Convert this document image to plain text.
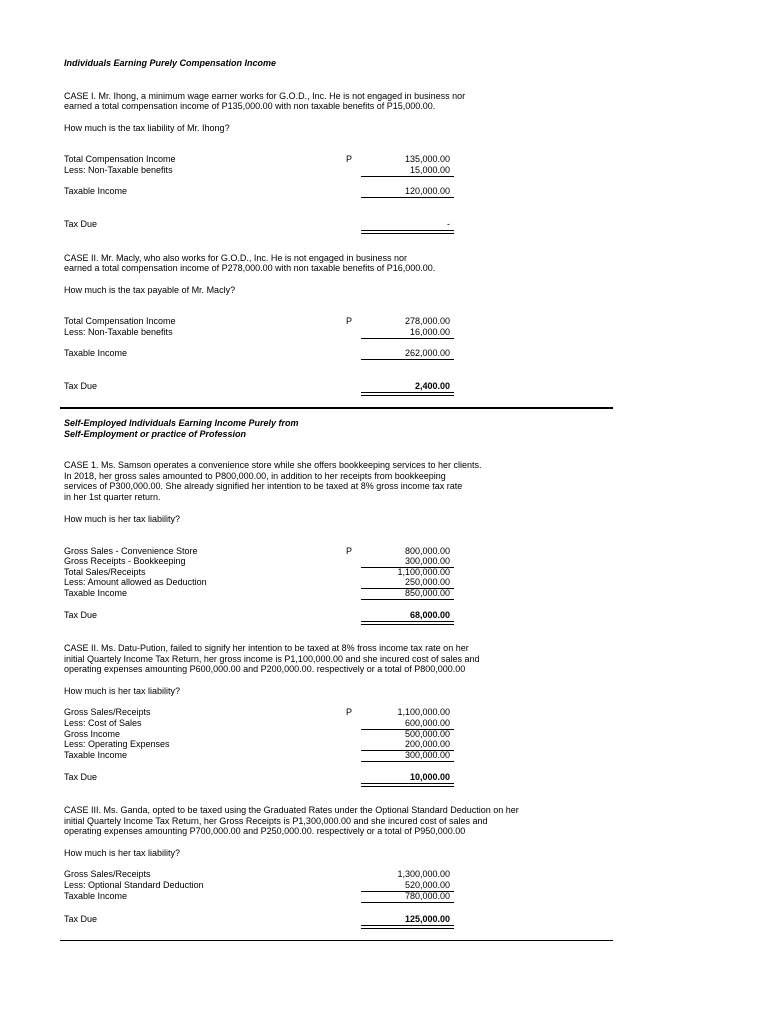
Individuals Earning Purely Compensation Income
CASE I. Mr. Ihong, a minimum wage earner works for G.O.D., Inc. He is not engaged in business nor
earned a total compensation income of P135,000.00 with non taxable benefits of P15,000.00.
How much is the tax liability of Mr. Ihong?
Total Compensation Income	P	135,000.00
Less: Non-Taxable benefits	15,000.00
Taxable Income	120,000.00
Tax Due	-
CASE II. Mr. Macly, who also works for G.O.D., Inc. He is not engaged in business nor
earned a total compensation income of P278,000.00 with non taxable benefits of P16,000.00.
How much is the tax payable of Mr. Macly?
Total Compensation Income	P	278,000.00
Less: Non-Taxable benefits	16,000.00
Taxable Income	262,000.00
Tax Due	2,400.00
Self-Employed Individuals Earning Income Purely from
Self-Employment or practice of Profession
CASE 1. Ms. Samson operates a convenience store while she offers bookkeeping services to her clients.
In 2018, her gross sales amounted to P800,000.00, in addition to her receipts from bookkeeping
services of P300,000.00. She already signified her intention to be taxed at 8% gross income tax rate
in her 1st quarter return.
How much is her tax liability?
Gross Sales - Convenience Store	P	800,000.00
Gross Receipts - Bookkeeping	300,000.00
Total Sales/Receipts	1,100,000.00
Less: Amount allowed as Deduction	250,000.00
Taxable Income	850,000.00
Tax Due	68,000.00
CASE II. Ms. Datu-Pution, failed to signify her intention to be taxed at 8% fross income tax rate on her
initial Quartely Income Tax Return, her gross income is P1,100,000.00 and she incured cost of sales and
operating expenses amounting P600,000.00 and P200,000.00. respectively or a total of P800,000.00
How much is her tax liability?
Gross Sales/Receipts	P	1,100,000.00
Less: Cost of Sales	600,000.00
Gross Income	500,000.00
Less: Operating Expenses	200,000.00
Taxable Income	300,000.00
Tax Due	10,000.00
CASE III. Ms. Ganda, opted to be taxed using the Graduated Rates under the Optional Standard Deduction on her
initial Quartely Income Tax Return, her Gross Receipts is P1,300,000.00 and she incured cost of sales and
operating expenses amounting P700,000.00 and P250,000.00. respectively or a total of P950,000.00
How much is her tax liability?
Gross Sales/Receipts	1,300,000.00
Less: Optional Standard Deduction	520,000.00
Taxable Income	780,000.00
Tax Due	125,000.00
